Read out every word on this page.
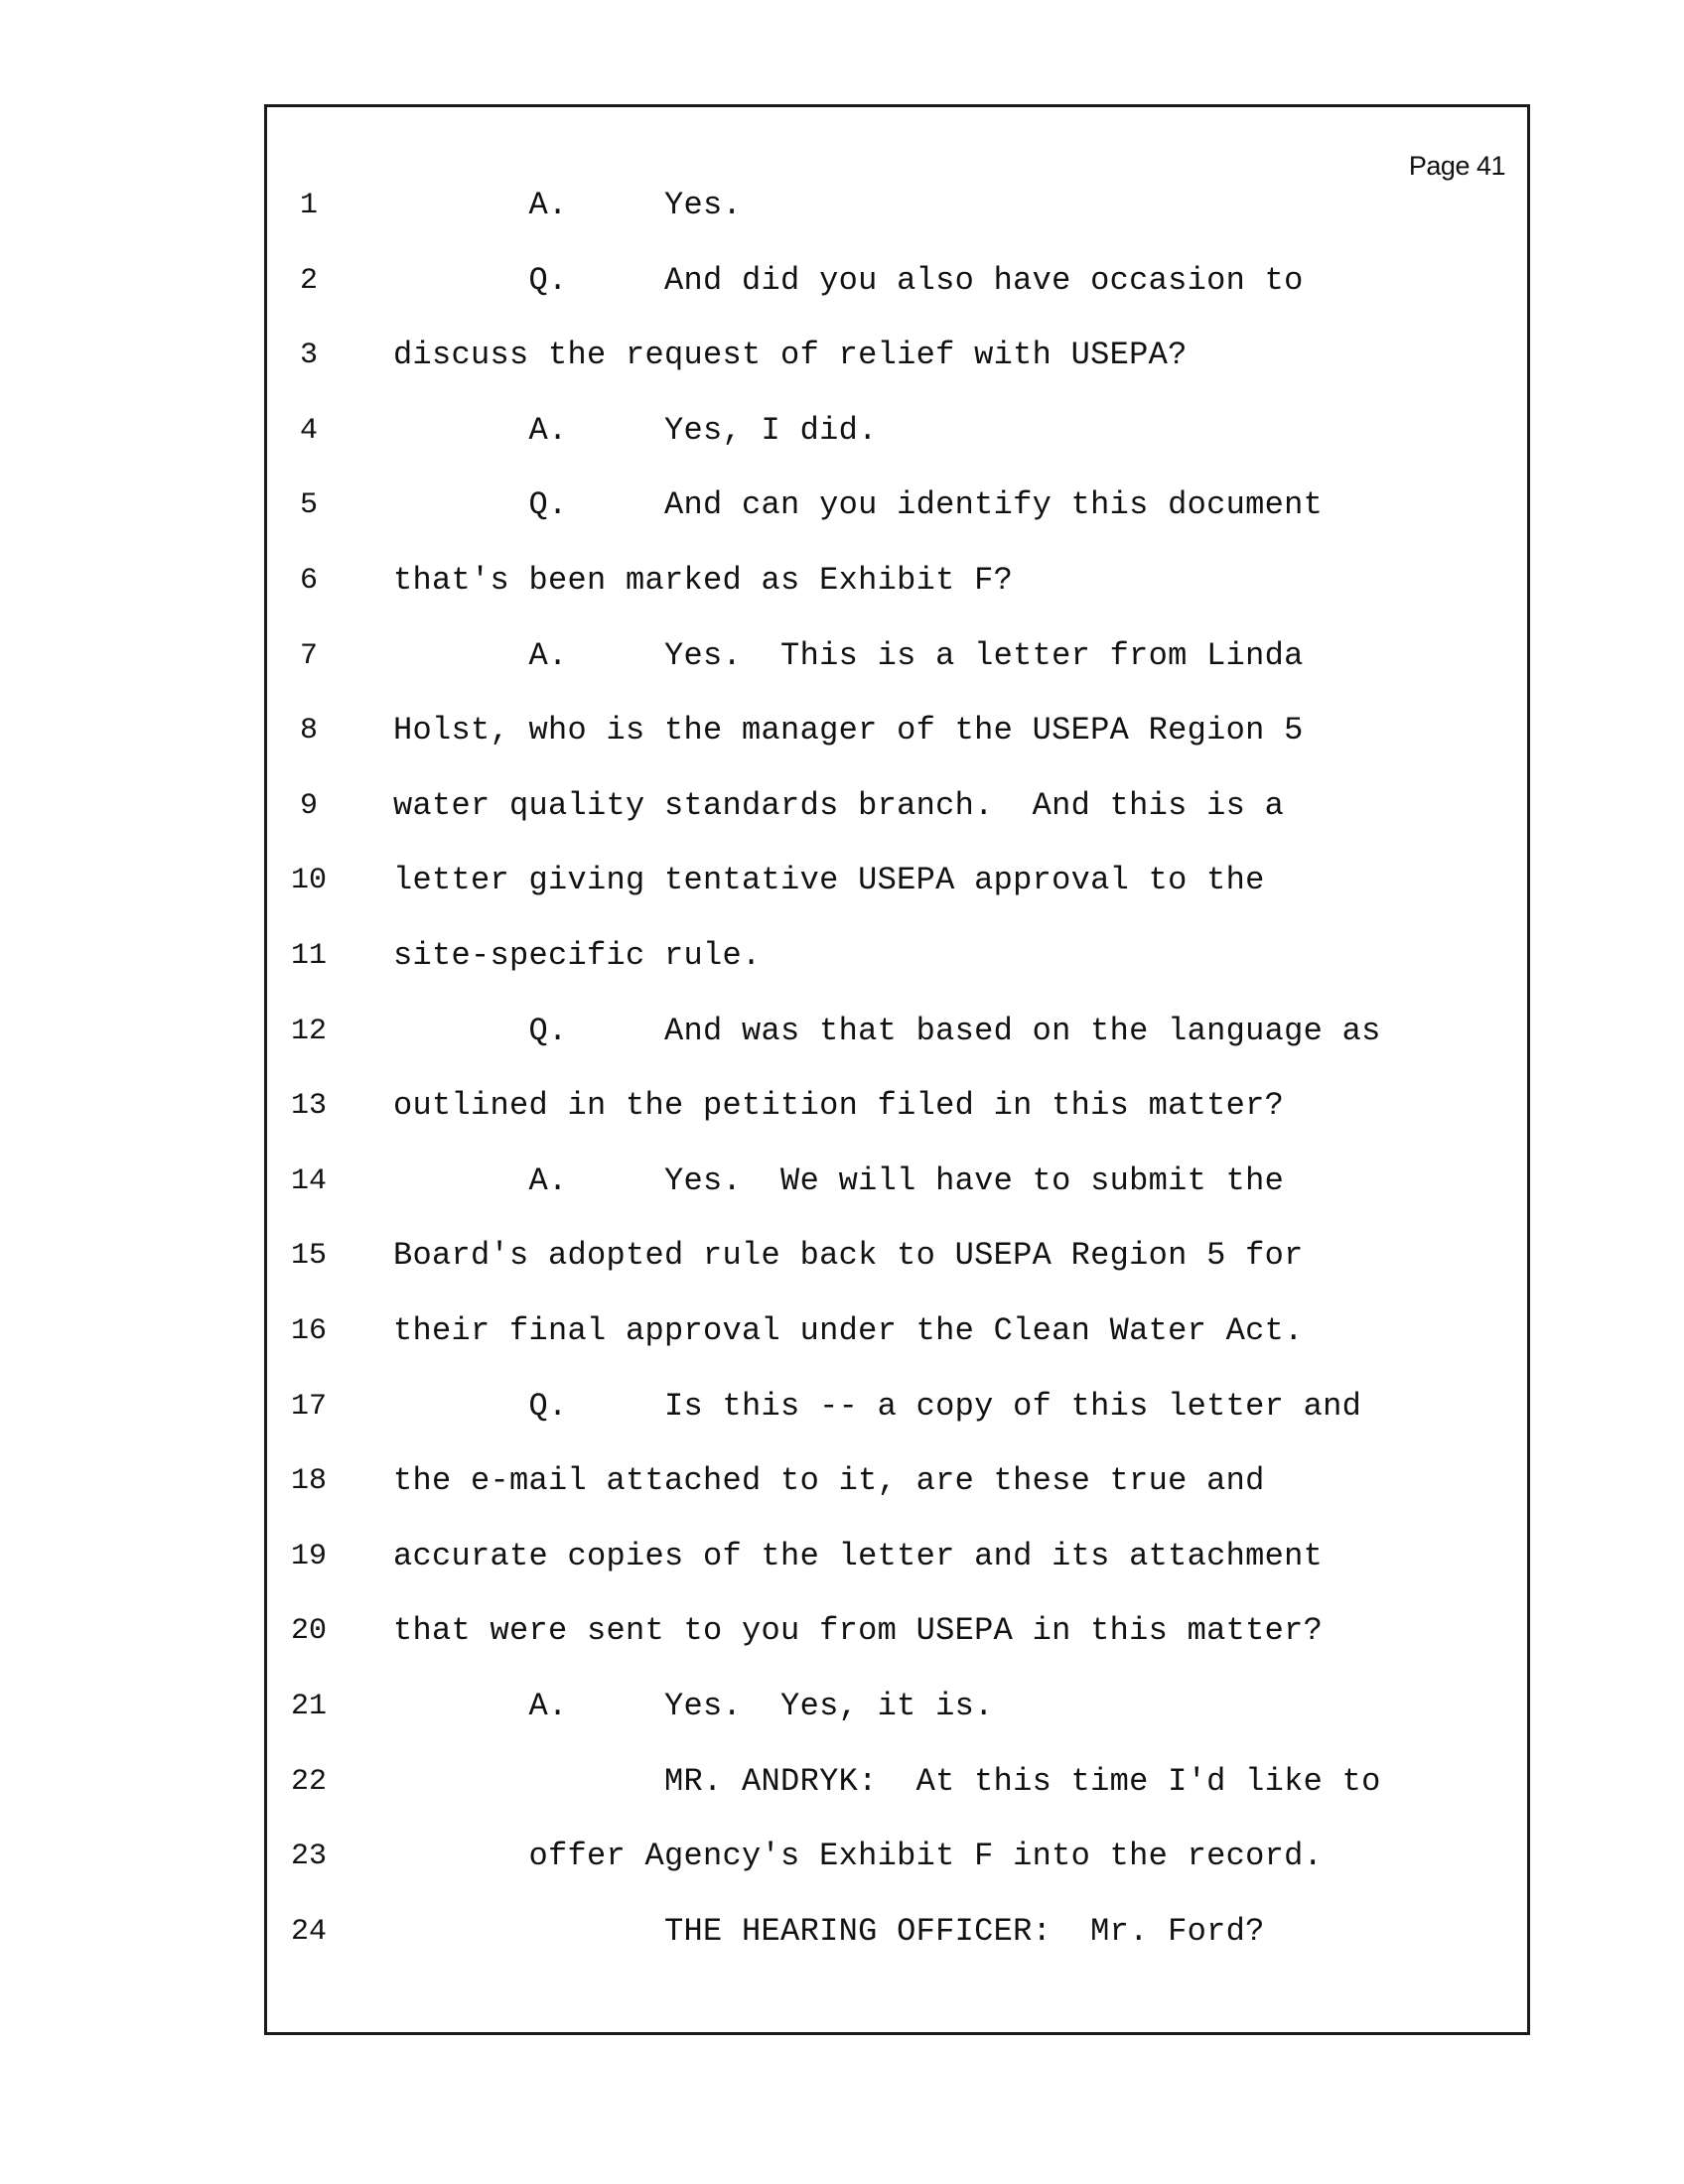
Page 41
1	A.     Yes.
2	Q.     And did you also have occasion to
3	discuss the request of relief with USEPA?
4	A.     Yes, I did.
5	Q.     And can you identify this document
6	that's been marked as Exhibit F?
7	A.     Yes.  This is a letter from Linda
8	Holst, who is the manager of the USEPA Region 5
9	water quality standards branch.  And this is a
10	letter giving tentative USEPA approval to the
11	site-specific rule.
12	Q.     And was that based on the language as
13	outlined in the petition filed in this matter?
14	A.     Yes.  We will have to submit the
15	Board's adopted rule back to USEPA Region 5 for
16	their final approval under the Clean Water Act.
17	Q.     Is this -- a copy of this letter and
18	the e-mail attached to it, are these true and
19	accurate copies of the letter and its attachment
20	that were sent to you from USEPA in this matter?
21	A.     Yes.  Yes, it is.
22	MR. ANDRYK:  At this time I'd like to
23	offer Agency's Exhibit F into the record.
24	THE HEARING OFFICER:  Mr. Ford?
